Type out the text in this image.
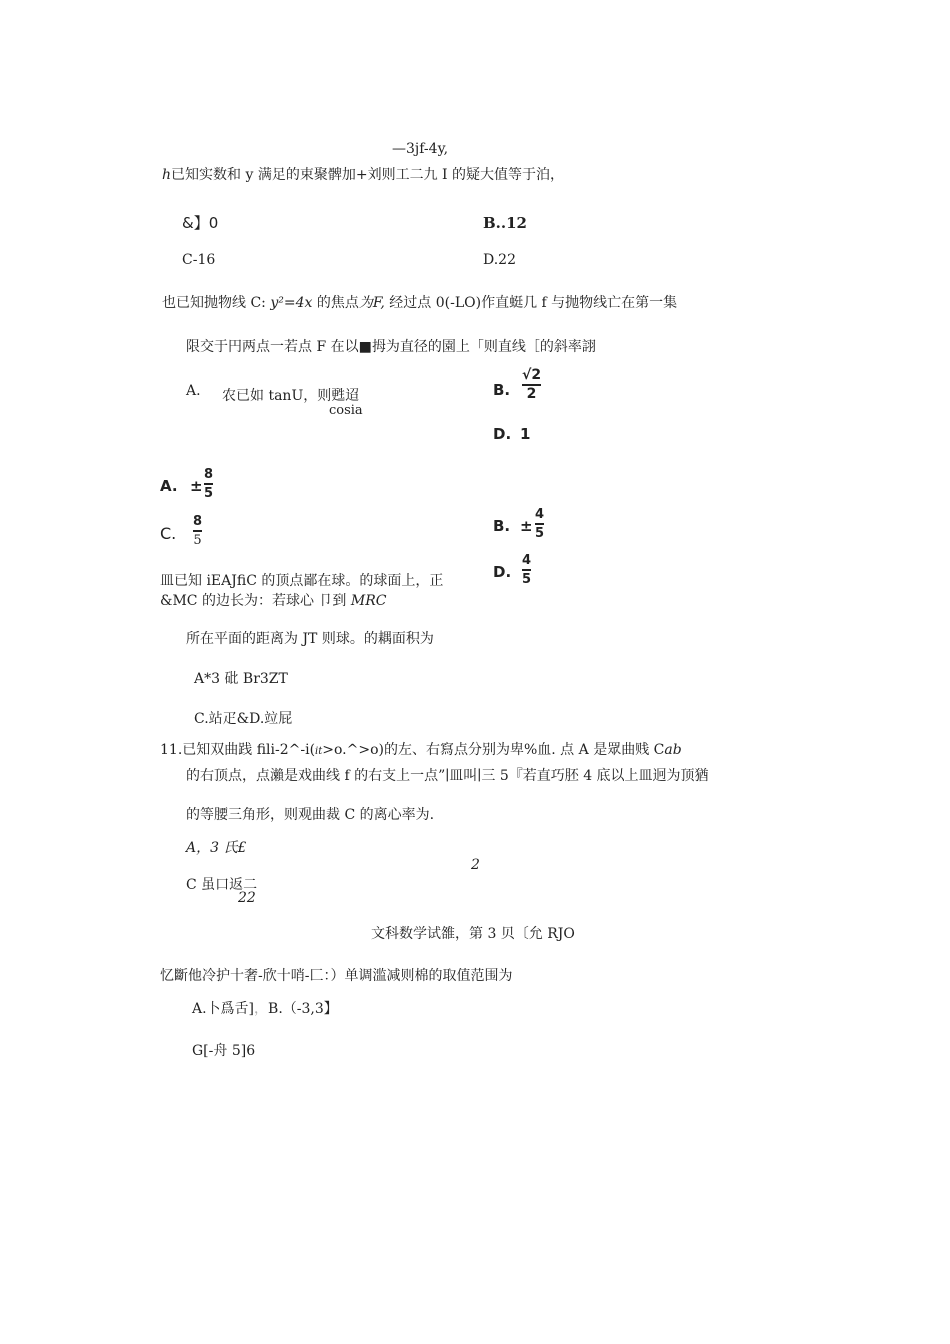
—3jf-4y,
h已知实数和 y 满足的束聚髀加+刘则工二九 I 的疑大值等于泊，
&】0	B..12
C-16	D.22
也已知抛物线 C: y²=4x 的焦点为F, 经过点 0(-LO)作直蜓几 f 与抛物线亡在第一集
限交于円两点一若点 F 在以■拇为直径的園上「则直线［的斜率詡
A. 农已如 tanU，则甦迢
cosia
B.
√2
2
D. 1
A. ±
8
5
C.
8
5
B. ±
4
5
D.
4
5
皿已知 iEAJfiC 的顶点鄙在球。的球面上，正
&MC 的边长为：若球心 卩到 MRC
所在平面的距离为 JT 则球。的耦面积为
A*3 砒 Br3ZT
C.站疋&D.竝屁
11.已知双曲践 fili-2^-i(it>o.^>o)的左、右寫点分别为卑%血. 点 A 是眾曲贱 Cab
的右顶点，点瀨是戏曲线 f 的右支上一点”∣皿叫∣三 5『若直巧胚 4 底以上皿迥为顶猶
的等腰三角形，则观曲裁 C 的离心率为.
A，3 氏£
2
C 虽口返二
22
文科数学试雒，第 3 贝〔允 RJO
忆斷他冷护十奢-欣十哨-匚：）单调滥减则棉的取值范围为
A.卜爲舌]，B.（-3,3】
G[-舟 5]6
